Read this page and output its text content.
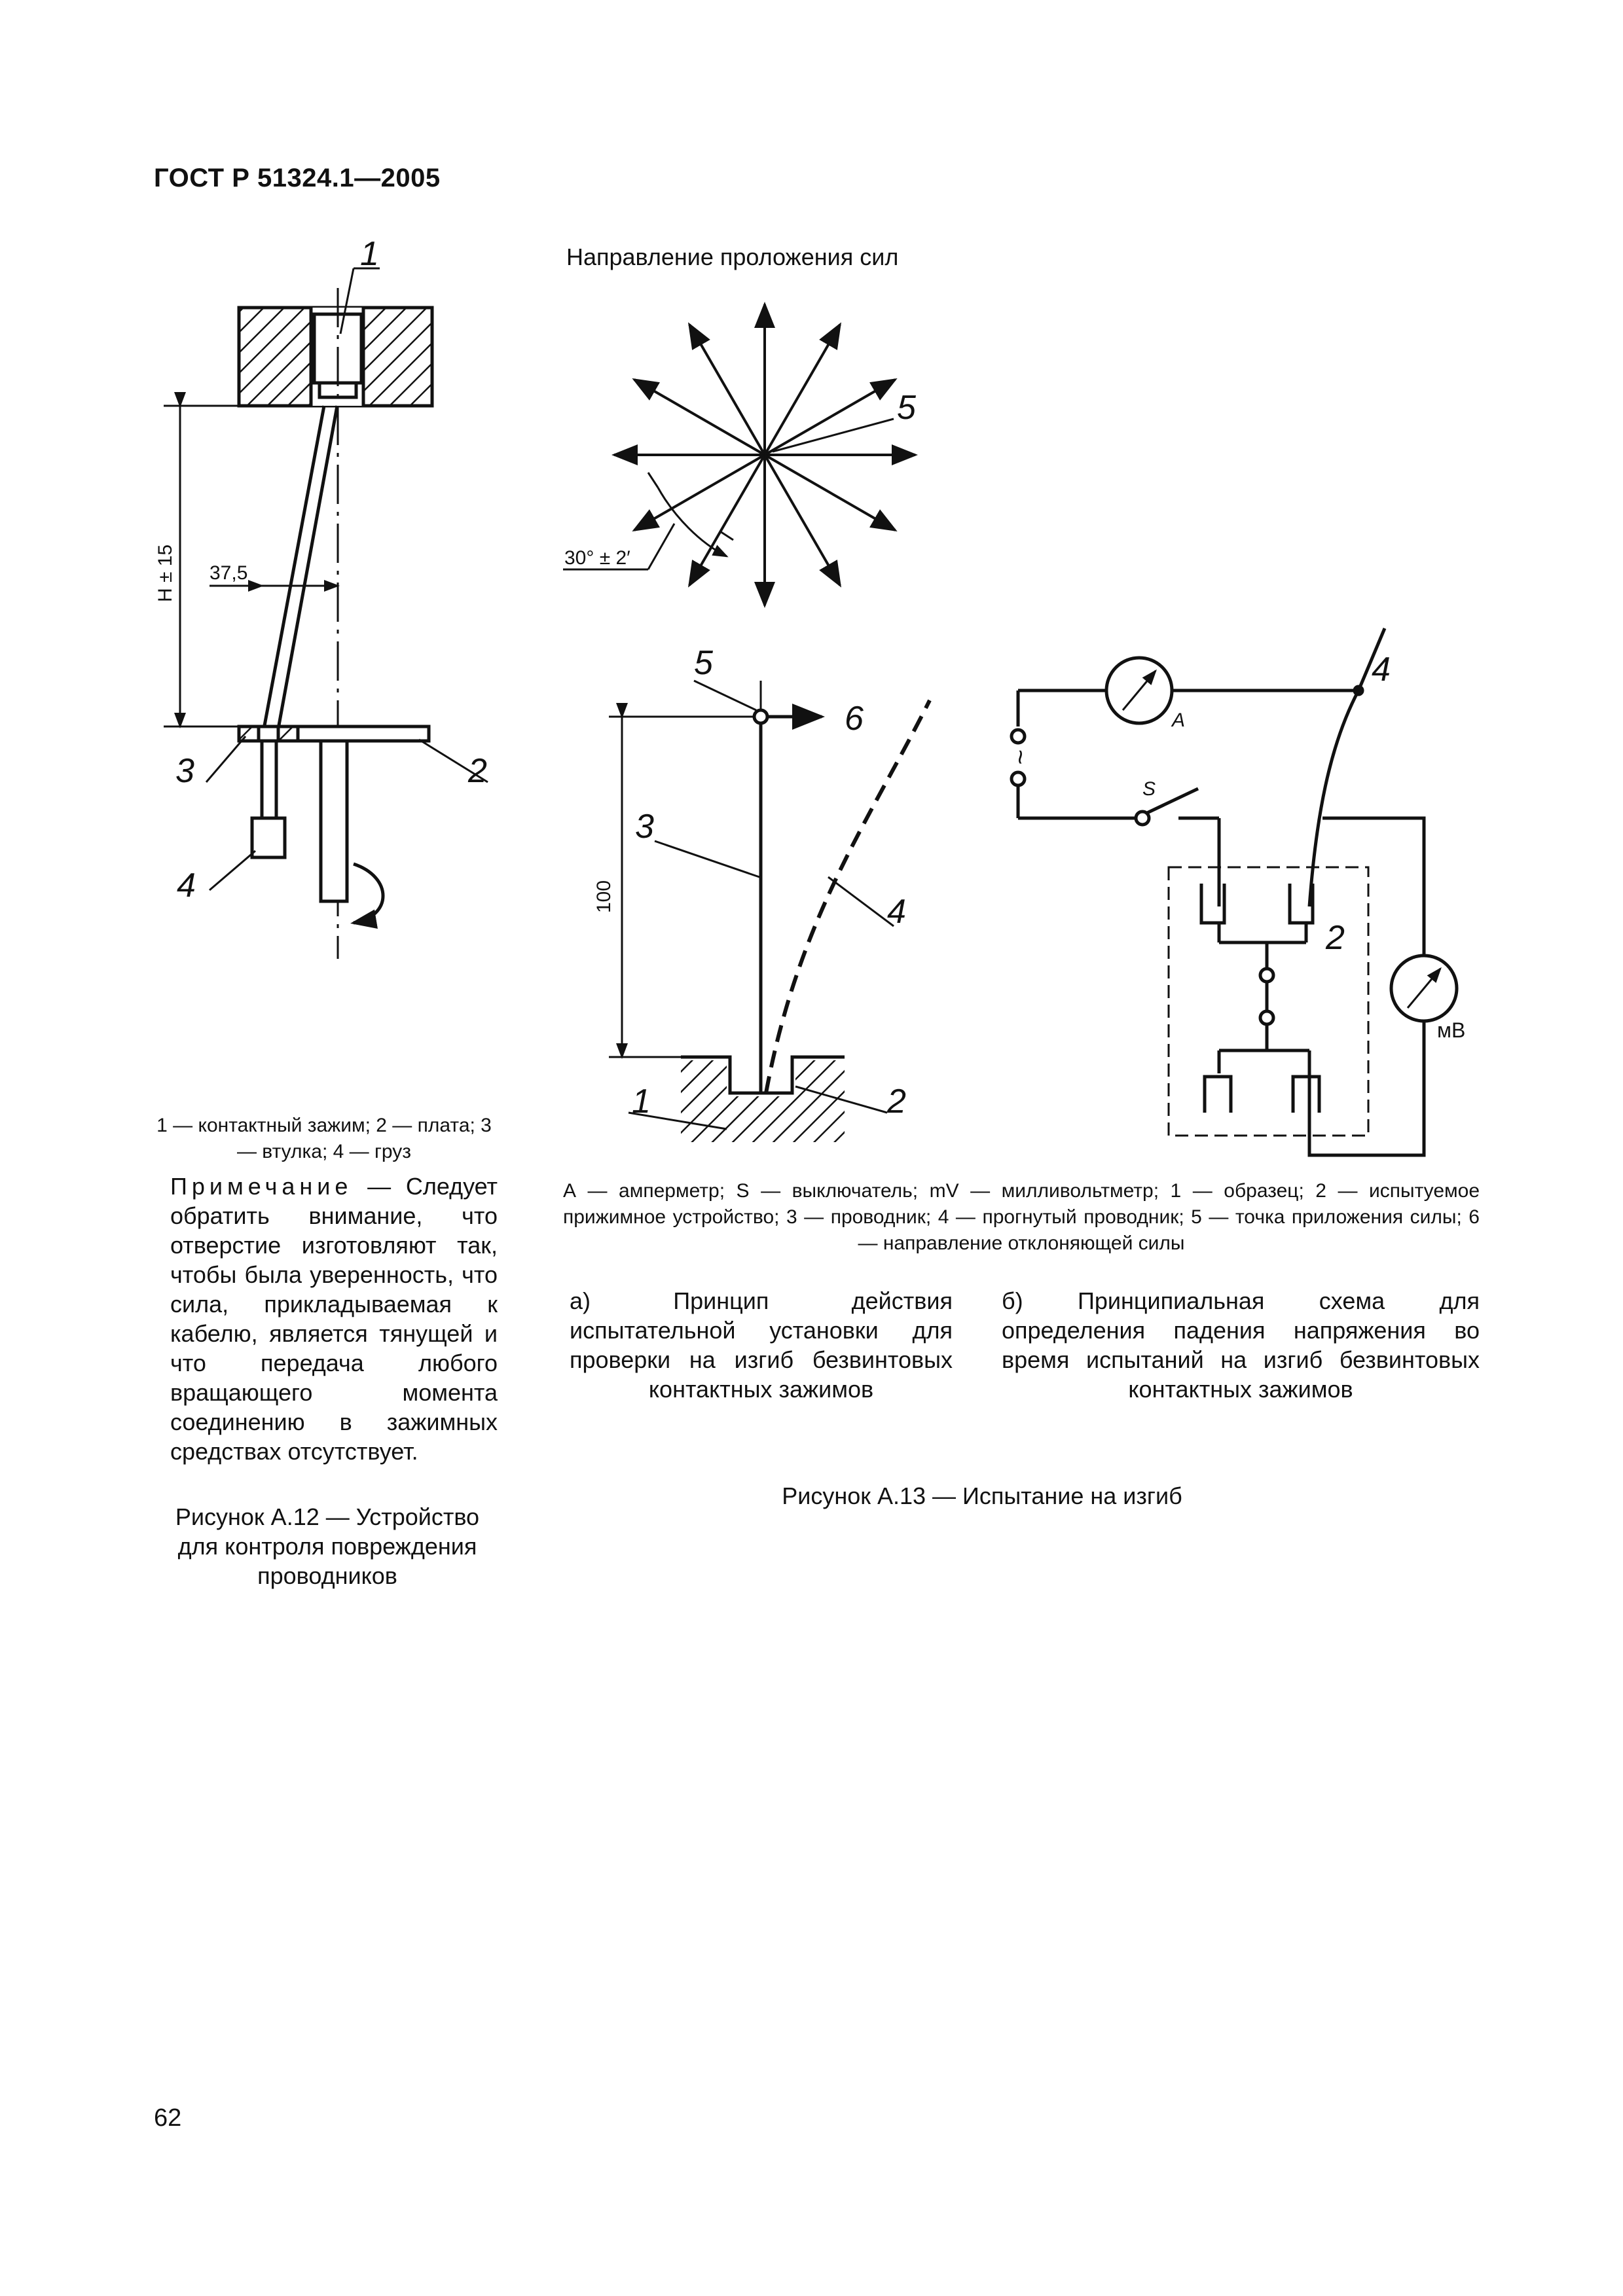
ГОСТ Р 51324.1—2005
1
3	2
4
37,5
H ± 15	30° ± 2′
5
5
6
3
4
1	2
100
A
~
S
2
4
мВ
Направление проложения сил
1 — контактный зажим; 2 — плата; 3 — втулка; 4 — груз
Примечание — Следует обратить внимание, что отверстие изготовляют так, чтобы была уверенность, что сила, прикладываемая к кабелю, является тянущей и что передача любого вращающего момента соединению в зажимных средствах отсутствует.
Рисунок А.12 — Устройство для контроля повреждения проводников
А — амперметр; S — выключатель; mV — милливольтметр; 1 — образец; 2 — испытуемое прижимное устройство; 3 — проводник; 4 — прогнутый проводник; 5 — точка приложения силы; 6 — направление отклоняющей силы
а) Принцип действия испытательной установки для проверки на изгиб безвинтовых контактных зажимов
б) Принципиальная схема для определения падения напряжения во время испытаний на изгиб безвинтовых контактных зажимов
Рисунок А.13 — Испытание на изгиб
62
